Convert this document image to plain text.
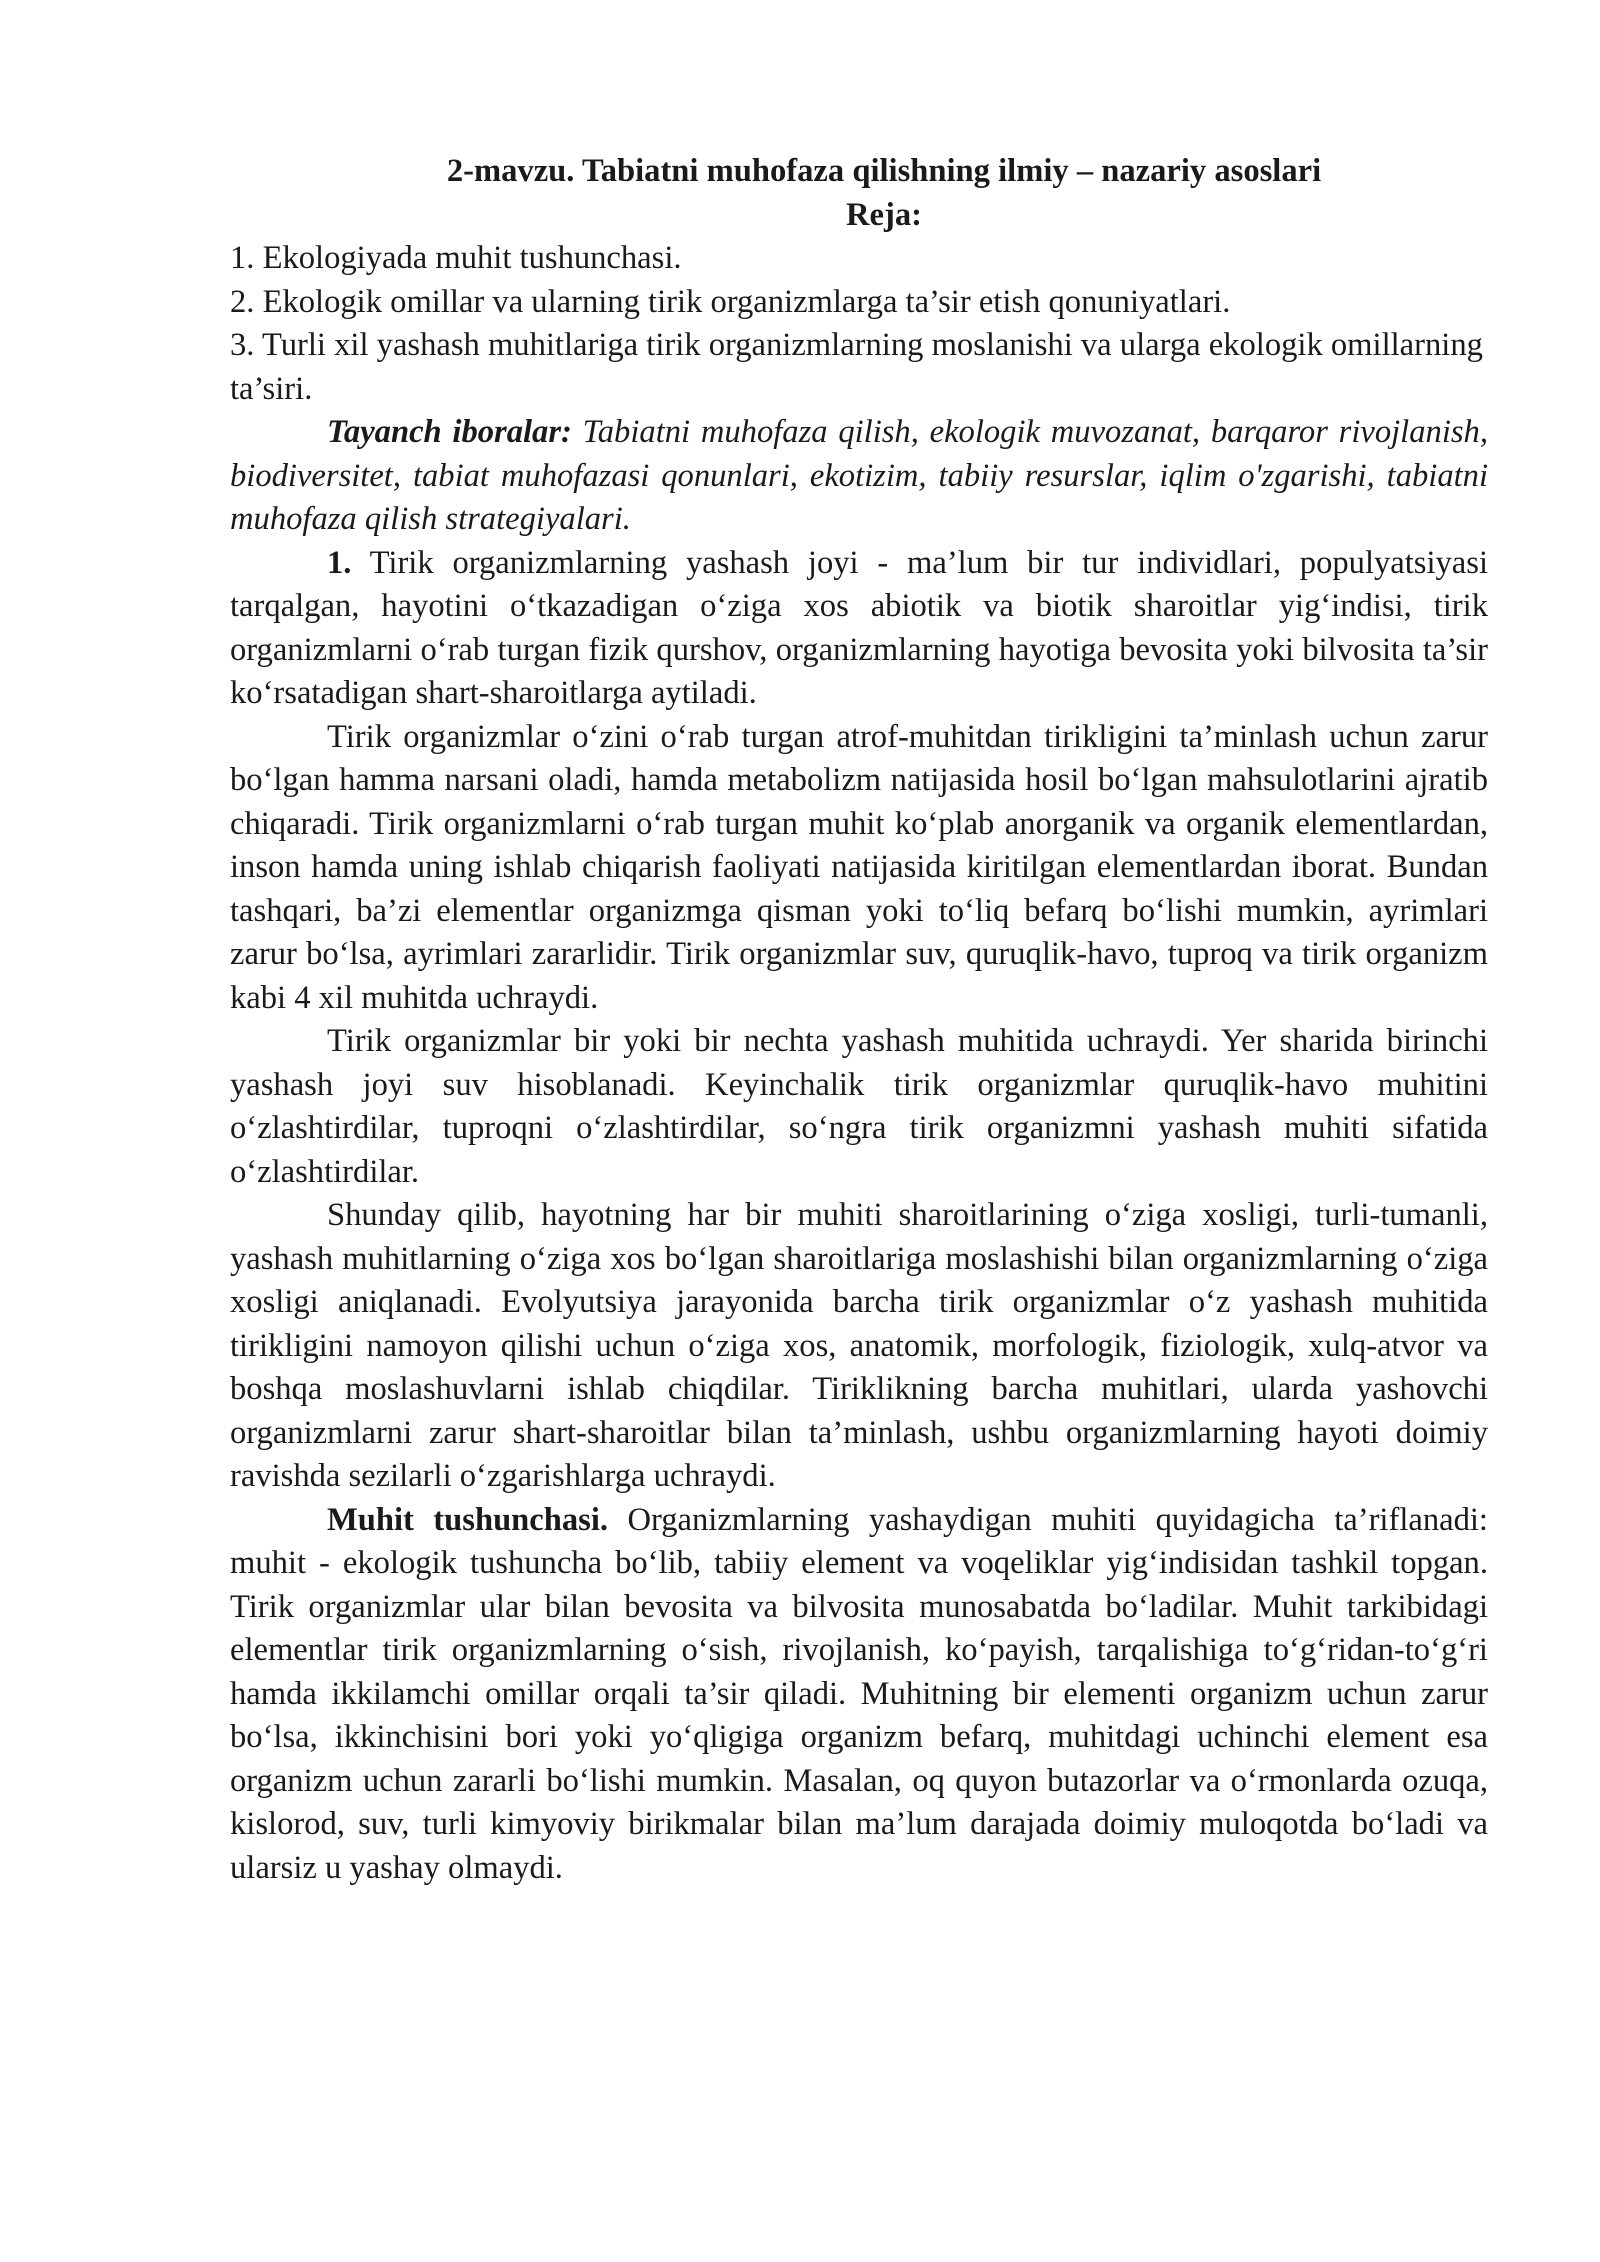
2-mavzu. Tabiatni muhofaza qilishning ilmiy – nazariy asoslari

Reja:

1. Ekologiyada muhit tushunchasi.

2. Ekologik omillar va ularning tirik organizmlarga ta’sir etish qonuniyatlari.

3. Turli xil yashash muhitlariga tirik organizmlarning moslanishi va ularga ekologik omillarning ta’siri.

Tayanch iboralar: Tabiatni muhofaza qilish, ekologik muvozanat, barqaror rivojlanish, biodiversitet, tabiat muhofazasi qonunlari, ekotizim, tabiiy resurslar, iqlim o'zgarishi, tabiatni muhofaza qilish strategiyalari.

1. Tirik organizmlarning yashash joyi - ma’lum bir tur individlari, populyatsiyasi tarqalgan, hayotini o‘tkazadigan o‘ziga xos abiotik va biotik sharoitlar yig‘indisi, tirik organizmlarni o‘rab turgan fizik qurshov, organizmlarning hayotiga bevosita yoki bilvosita ta’sir ko‘rsatadigan shart-sharoitlarga aytiladi.

Tirik organizmlar o‘zini o‘rab turgan atrof-muhitdan tirikligini ta’minlash uchun zarur bo‘lgan hamma narsani oladi, hamda metabolizm natijasida hosil bo‘lgan mahsulotlarini ajratib chiqaradi. Tirik organizmlarni o‘rab turgan muhit ko‘plab anorganik va organik elementlardan, inson hamda uning ishlab chiqarish faoliyati natijasida kiritilgan elementlardan iborat. Bundan tashqari, ba’zi elementlar organizmga qisman yoki to‘liq befarq bo‘lishi mumkin, ayrimlari zarur bo‘lsa, ayrimlari zararlidir. Tirik organizmlar suv, quruqlik-havo, tuproq va tirik organizm kabi 4 xil muhitda uchraydi.

Tirik organizmlar bir yoki bir nechta yashash muhitida uchraydi. Yer sharida birinchi yashash joyi suv hisoblanadi. Keyinchalik tirik organizmlar quruqlik-havo muhitini o‘zlashtirdilar, tuproqni o‘zlashtirdilar, so‘ngra tirik organizmni yashash muhiti sifatida o‘zlashtirdilar.

Shunday qilib, hayotning har bir muhiti sharoitlarining o‘ziga xosligi, turli-tumanli, yashash muhitlarning o‘ziga xos bo‘lgan sharoitlariga moslashishi bilan organizmlarning o‘ziga xosligi aniqlanadi. Evolyutsiya jarayonida barcha tirik organizmlar o‘z yashash muhitida tirikligini namoyon qilishi uchun o‘ziga xos, anatomik, morfologik, fiziologik, xulq-atvor va boshqa moslashuvlarni ishlab chiqdilar. Tiriklikning barcha muhitlari, ularda yashovchi organizmlarni zarur shart-sharoitlar bilan ta’minlash, ushbu organizmlarning hayoti doimiy ravishda sezilarli o‘zgarishlarga uchraydi.

Muhit tushunchasi. Organizmlarning yashaydigan muhiti quyidagicha ta’riflanadi: muhit - ekologik tushuncha bo‘lib, tabiiy element va voqeliklar yig‘indisidan tashkil topgan. Tirik organizmlar ular bilan bevosita va bilvosita munosabatda bo‘ladilar. Muhit tarkibidagi elementlar tirik organizmlarning o‘sish, rivojlanish, ko‘payish, tarqalishiga to‘g‘ridan-to‘g‘ri hamda ikkilamchi omillar orqali ta’sir qiladi. Muhitning bir elementi organizm uchun zarur bo‘lsa, ikkinchisini bori yoki yo‘qligiga organizm befarq, muhitdagi uchinchi element esa organizm uchun zararli bo‘lishi mumkin. Masalan, oq quyon butazorlar va o‘rmonlarda ozuqa, kislorod, suv, turli kimyoviy birikmalar bilan ma’lum darajada doimiy muloqotda bo‘ladi va ularsiz u yashay olmaydi.
